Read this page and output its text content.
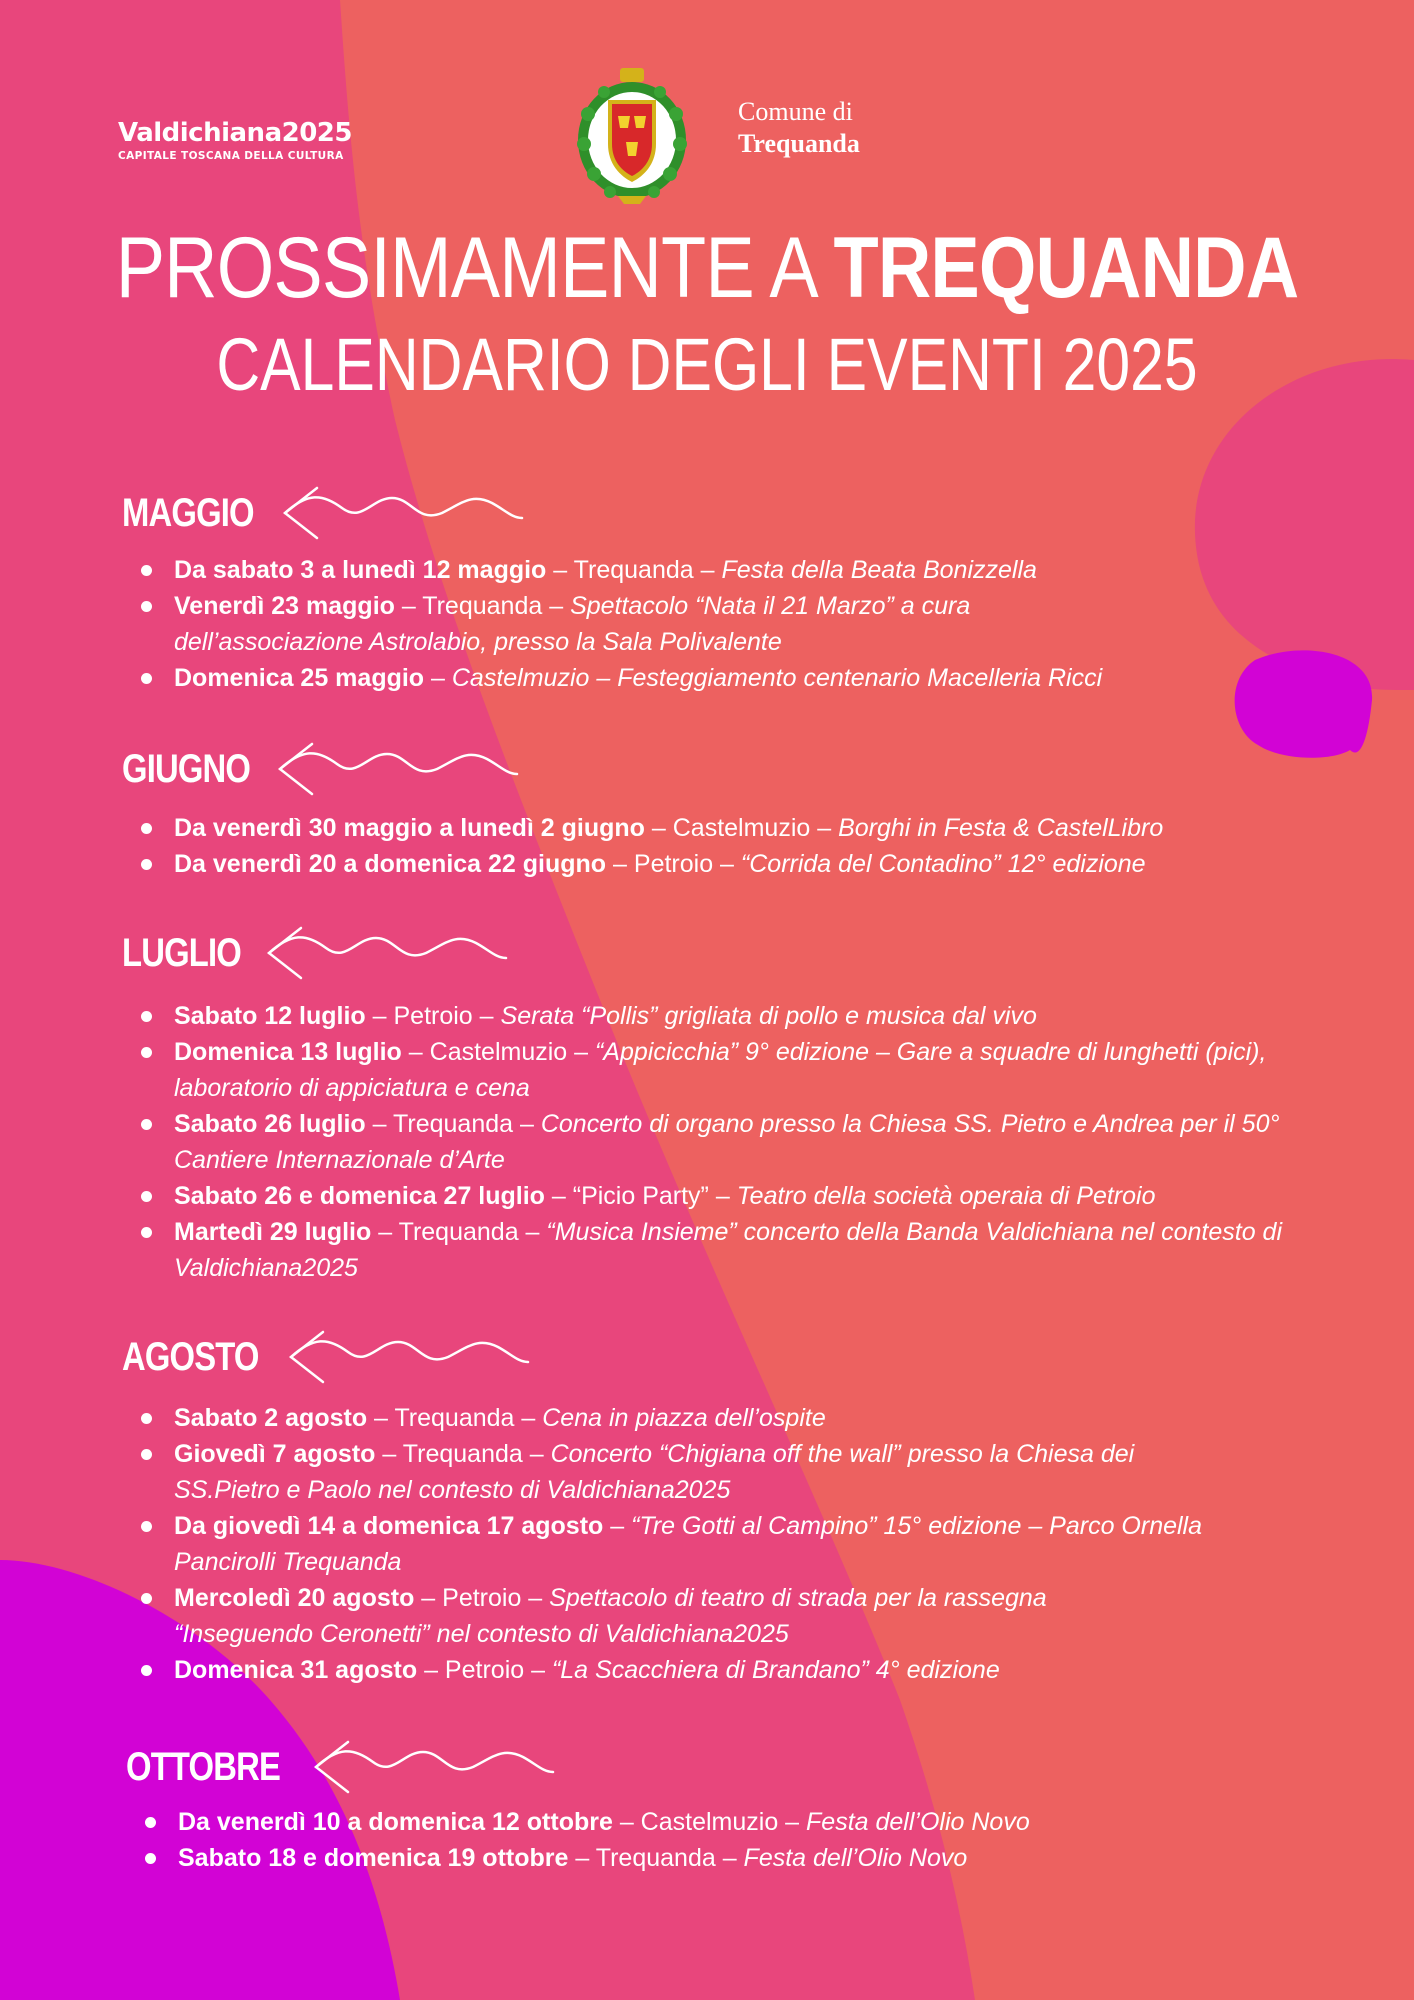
Valdichiana2025
CAPITALE TOSCANA DELLA CULTURA
Comune di
Trequanda
PROSSIMAMENTE A TREQUANDA
CALENDARIO DEGLI EVENTI 2025
MAGGIO
Da sabato 3 a lunedì 12 maggio – Trequanda – Festa della Beata Bonizzella
Venerdì 23 maggio – Trequanda – Spettacolo “Nata il 21 Marzo” a cura dell’associazione Astrolabio, presso la Sala Polivalente
Domenica 25 maggio – Castelmuzio – Festeggiamento centenario Macelleria Ricci
GIUGNO
Da venerdì 30 maggio a lunedì 2 giugno – Castelmuzio – Borghi in Festa & CastelLibro
Da venerdì 20 a domenica 22 giugno – Petroio – “Corrida del Contadino” 12° edizione
LUGLIO
Sabato 12 luglio – Petroio – Serata “Pollis” grigliata di pollo e musica dal vivo
Domenica 13 luglio – Castelmuzio – “Appicicchia” 9° edizione – Gare a squadre di lunghetti (pici), laboratorio di appiciatura e cena
Sabato 26 luglio – Trequanda – Concerto di organo presso la Chiesa SS. Pietro e Andrea per il 50° Cantiere Internazionale d’Arte
Sabato 26 e domenica 27 luglio – “Picio Party” – Teatro della società operaia di Petroio
Martedì 29 luglio – Trequanda – “Musica Insieme” concerto della Banda Valdichiana nel contesto di Valdichiana2025
AGOSTO
Sabato 2 agosto – Trequanda – Cena in piazza dell’ospite
Giovedì 7 agosto – Trequanda – Concerto “Chigiana off the wall” presso la Chiesa dei SS.Pietro e Paolo nel contesto di Valdichiana2025
Da giovedì 14 a domenica 17 agosto – “Tre Gotti al Campino” 15° edizione – Parco Ornella Pancirolli Trequanda
Mercoledì 20 agosto – Petroio – Spettacolo di teatro di strada per la rassegna “Inseguendo Ceronetti” nel contesto di Valdichiana2025
Domenica 31 agosto – Petroio – “La Scacchiera di Brandano” 4° edizione
OTTOBRE
Da venerdì 10 a domenica 12 ottobre – Castelmuzio – Festa dell’Olio Novo
Sabato 18 e domenica 19 ottobre – Trequanda – Festa dell’Olio Novo
